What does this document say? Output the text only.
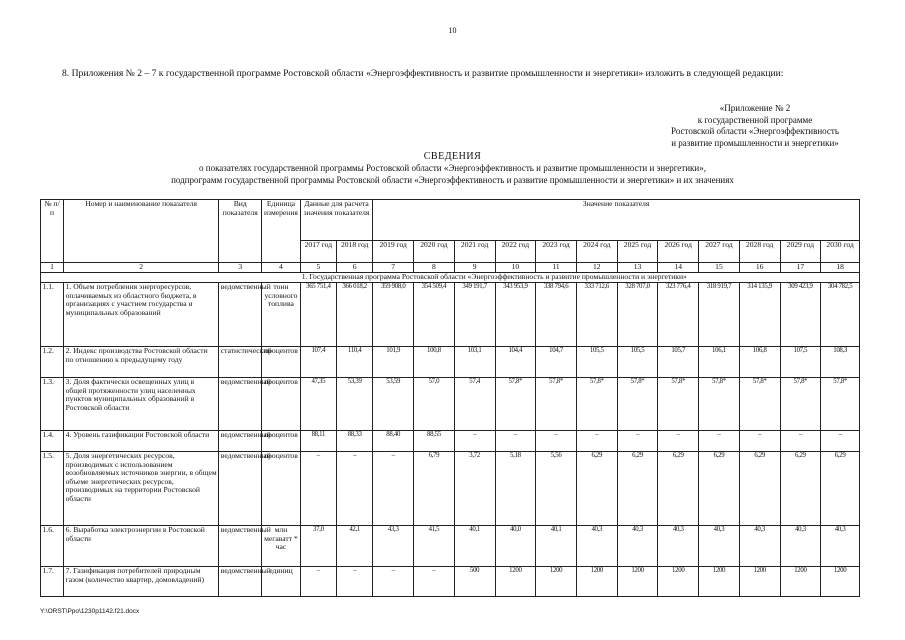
10
8. Приложения № 2 – 7 к государственной программе Ростовской области «Энергоэффективность и развитие промышленности и энергетики» изложить в следующей редакции:
«Приложение № 2
к государственной программе
Ростовской области «Энергоэффективность
и развитие промышленности и энергетики»
СВЕДЕНИЯ
о показателях государственной программы Ростовской области «Энергоэффективность и развитие промышленности и энергетики»,
подпрограмм государственной программы Ростовской области «Энергоэффективность и развитие промышленности и энергетики» и их значениях
№ п/п	Номер и наименование показателя	Вид показателя	Единица измерения	Данные для расчета значения показателя		Значение показателя											
				2017 год	2018 год	2019 год	2020 год	2021 год	2022 год	2023 год	2024 год	2025 год	2026 год	2027 год	2028 год	2029 год	2030 год
1	2	3	4	5	6	7	8	9	10	11	12	13	14	15	16	17	18
				1. Государственная программа Ростовской области «Энергоэффективность и развитие промышленности и энергетики»													
1.1.	1. Объем потребления энергоресурсов, оплачиваемых из областного бюджета, в организациях с участием государства и муниципальных образований	ведомственный	тонн условного топлива	365 751,4	366 018,2	359 908,0	354 509,4	349 191,7	343 953,9	338 794,6	333 712,6	328 707,0	323 776,4	318 919,7	314 135,9	309 423,9	304 782,5
1.2.	2. Индекс производства Ростовской области по отношению к предыдущему году	статистический	процентов	107,4	110,4	101,9	100,8	103,1	104,4	104,7	105,5	105,5	105,7	106,1	106,8	107,5	108,3
1.3.	3. Доля фактически освещенных улиц в общей протяженности улиц населенных пунктов муниципальных образований в Ростовской области	ведомственный	процентов	47,35	53,39	53,59	57,0	57,4	57,8*	57,8*	57,8*	57,8*	57,8*	57,8*	57,8*	57,8*	57,8*
1.4.	4. Уровень газификации Ростовской области	ведомственный	процентов	88,11	88,33	88,40	88,55	–	–	–	–	–	–	–	–	–	–
1.5.	5. Доля энергетических ресурсов, производимых с использованием возобновляемых источников энергии, в общем объеме энергетических ресурсов, производимых на территории Ростовской области	ведомственный	процентов	–	–	–	6,79	3,72	5,18	5,56	6,29	6,29	6,29	6,29	6,29	6,29	6,29
1.6.	6. Выработка электроэнергии в Ростовской области	ведомственный	млн мегаватт * час	37,0	42,1	43,3	41,5	40,1	40,0	40,1	40,3	40,3	40,3	40,3	40,3	40,3	40,3
1.7.	7. Газификация потребителей природным газом (количество квартир, домовладений)	ведомственный	единиц	–	–	–	–	500	1200	1200	1200	1200	1200	1200	1200	1200	1200
Y:\ORST\Ppo\1230p1142.f21.docx
